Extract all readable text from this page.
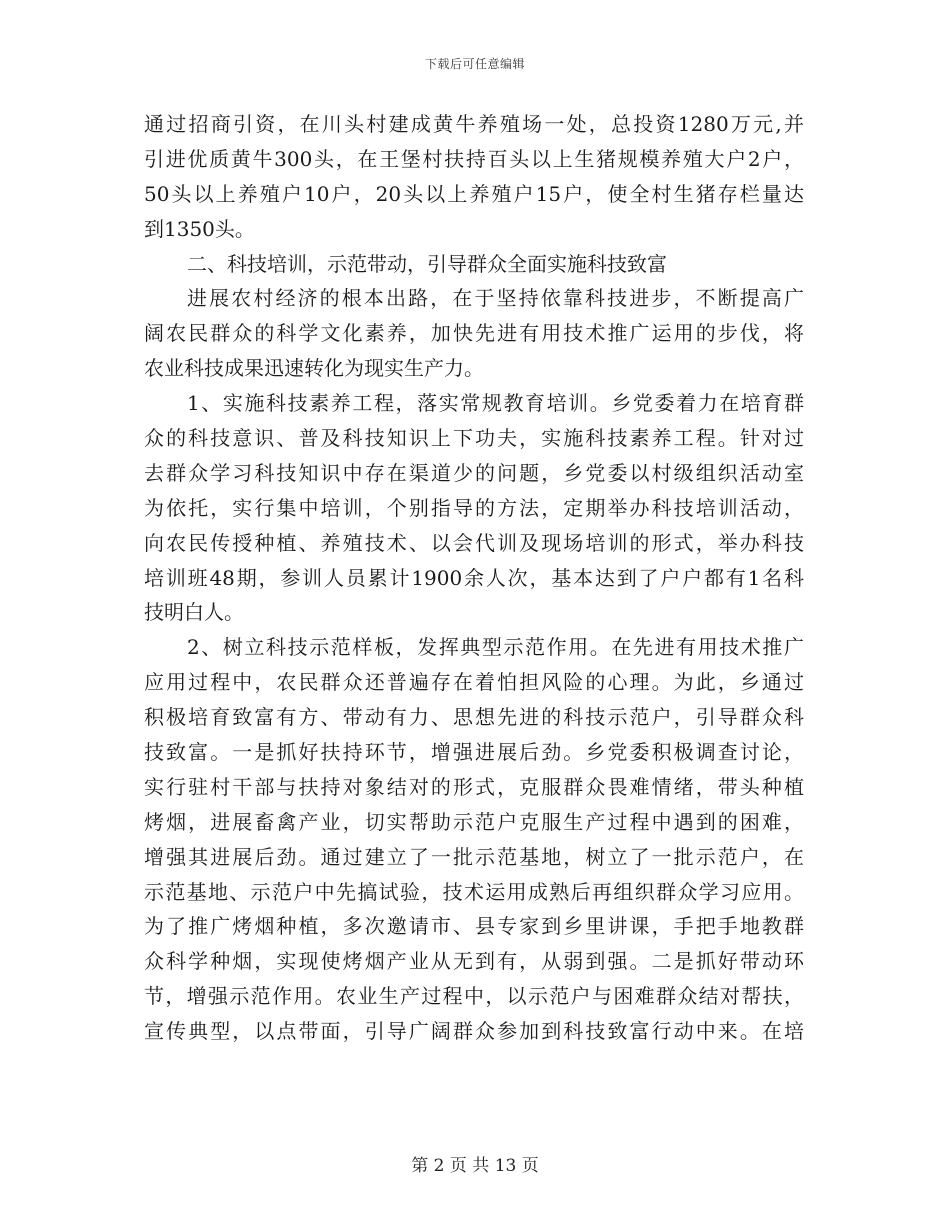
下载后可任意编辑
通过招商引资，在川头村建成黄牛养殖场一处，总投资1280万元,并
引进优质黄牛300头，在王堡村扶持百头以上生猪规模养殖大户2户，
50头以上养殖户10户，20头以上养殖户15户，使全村生猪存栏量达
到1350头。
二、科技培训，示范带动，引导群众全面实施科技致富
进展农村经济的根本出路，在于坚持依靠科技进步，不断提高广
阔农民群众的科学文化素养，加快先进有用技术推广运用的步伐，将
农业科技成果迅速转化为现实生产力。
1、实施科技素养工程，落实常规教育培训。乡党委着力在培育群
众的科技意识、普及科技知识上下功夫，实施科技素养工程。针对过
去群众学习科技知识中存在渠道少的问题，乡党委以村级组织活动室
为依托，实行集中培训，个别指导的方法，定期举办科技培训活动，
向农民传授种植、养殖技术、以会代训及现场培训的形式，举办科技
培训班48期，参训人员累计1900余人次，基本达到了户户都有1名科
技明白人。
2、树立科技示范样板，发挥典型示范作用。在先进有用技术推广
应用过程中，农民群众还普遍存在着怕担风险的心理。为此，乡通过
积极培育致富有方、带动有力、思想先进的科技示范户，引导群众科
技致富。一是抓好扶持环节，增强进展后劲。乡党委积极调查讨论，
实行驻村干部与扶持对象结对的形式，克服群众畏难情绪，带头种植
烤烟，进展畜禽产业，切实帮助示范户克服生产过程中遇到的困难，
增强其进展后劲。通过建立了一批示范基地，树立了一批示范户，在
示范基地、示范户中先搞试验，技术运用成熟后再组织群众学习应用。
为了推广烤烟种植，多次邀请市、县专家到乡里讲课，手把手地教群
众科学种烟，实现使烤烟产业从无到有，从弱到强。二是抓好带动环
节，增强示范作用。农业生产过程中，以示范户与困难群众结对帮扶，
宣传典型，以点带面，引导广阔群众参加到科技致富行动中来。在培
第 2 页 共 13 页
